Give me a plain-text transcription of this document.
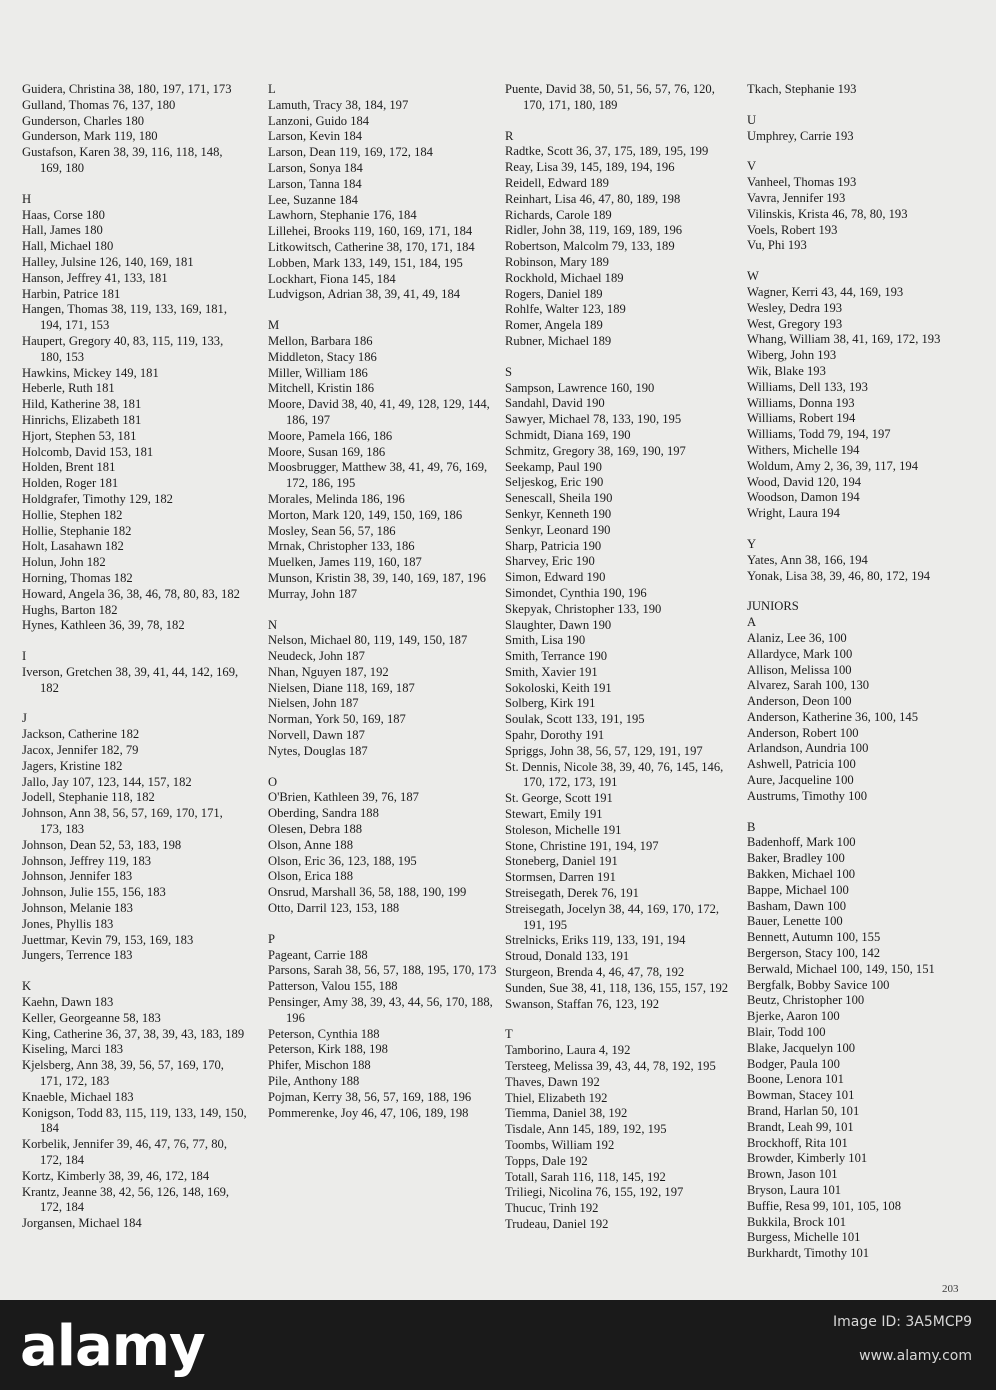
Guidera, Christina 38, 180, 197, 171, 173
Gulland, Thomas 76, 137, 180
Gunderson, Charles 180
Gunderson, Mark 119, 180
Gustafson, Karen 38, 39, 116, 118, 148, 169, 180
H
Haas, Corse 180
Hall, James 180
Hall, Michael 180
Halley, Julsine 126, 140, 169, 181
Hanson, Jeffrey 41, 133, 181
Harbin, Patrice 181
Hangen, Thomas 38, 119, 133, 169, 181, 194, 171, 153
Haupert, Gregory 40, 83, 115, 119, 133, 180, 153
Hawkins, Mickey 149, 181
Heberle, Ruth 181
Hild, Katherine 38, 181
Hinrichs, Elizabeth 181
Hjort, Stephen 53, 181
Holcomb, David 153, 181
Holden, Brent 181
Holden, Roger 181
Holdgrafer, Timothy 129, 182
Hollie, Stephen 182
Hollie, Stephanie 182
Holt, Lasahawn 182
Holun, John 182
Horning, Thomas 182
Howard, Angela 36, 38, 46, 78, 80, 83, 182
Hughs, Barton 182
Hynes, Kathleen 36, 39, 78, 182
I
Iverson, Gretchen 38, 39, 41, 44, 142, 169, 182
J
Jackson, Catherine 182
Jacox, Jennifer 182, 79
Jagers, Kristine 182
Jallo, Jay 107, 123, 144, 157, 182
Jodell, Stephanie 118, 182
Johnson, Ann 38, 56, 57, 169, 170, 171, 173, 183
Johnson, Dean 52, 53, 183, 198
Johnson, Jeffrey 119, 183
Johnson, Jennifer 183
Johnson, Julie 155, 156, 183
Johnson, Melanie 183
Jones, Phyllis 183
Juettmar, Kevin 79, 153, 169, 183
Jungers, Terrence 183
K
Kaehn, Dawn 183
Keller, Georgeanne 58, 183
King, Catherine 36, 37, 38, 39, 43, 183, 189
Kiseling, Marci 183
Kjelsberg, Ann 38, 39, 56, 57, 169, 170, 171, 172, 183
Knaeble, Michael 183
Konigson, Todd 83, 115, 119, 133, 149, 150, 184
Korbelik, Jennifer 39, 46, 47, 76, 77, 80, 172, 184
Kortz, Kimberly 38, 39, 46, 172, 184
Krantz, Jeanne 38, 42, 56, 126, 148, 169, 172, 184
Jorgansen, Michael 184
L
Lamuth, Tracy 38, 184, 197
Lanzoni, Guido 184
Larson, Kevin 184
Larson, Dean 119, 169, 172, 184
Larson, Sonya 184
Larson, Tanna 184
Lee, Suzanne 184
Lawhorn, Stephanie 176, 184
Lillehei, Brooks 119, 160, 169, 171, 184
Litkowitsch, Catherine 38, 170, 171, 184
Lobben, Mark 133, 149, 151, 184, 195
Lockhart, Fiona 145, 184
Ludvigson, Adrian 38, 39, 41, 49, 184
M
Mellon, Barbara 186
Middleton, Stacy 186
Miller, William 186
Mitchell, Kristin 186
Moore, David 38, 40, 41, 49, 128, 129, 144, 186, 197
Moore, Pamela 166, 186
Moore, Susan 169, 186
Moosbrugger, Matthew 38, 41, 49, 76, 169, 172, 186, 195
Morales, Melinda 186, 196
Morton, Mark 120, 149, 150, 169, 186
Mosley, Sean 56, 57, 186
Mrnak, Christopher 133, 186
Muelken, James 119, 160, 187
Munson, Kristin 38, 39, 140, 169, 187, 196
Murray, John 187
N
Nelson, Michael 80, 119, 149, 150, 187
Neudeck, John 187
Nhan, Nguyen 187, 192
Nielsen, Diane 118, 169, 187
Nielsen, John 187
Norman, York 50, 169, 187
Norvell, Dawn 187
Nytes, Douglas 187
O
O'Brien, Kathleen 39, 76, 187
Oberding, Sandra 188
Olesen, Debra 188
Olson, Anne 188
Olson, Eric 36, 123, 188, 195
Olson, Erica 188
Onsrud, Marshall 36, 58, 188, 190, 199
Otto, Darril 123, 153, 188
P
Pageant, Carrie 188
Parsons, Sarah 38, 56, 57, 188, 195, 170, 173
Patterson, Valou 155, 188
Pensinger, Amy 38, 39, 43, 44, 56, 170, 188, 196
Peterson, Cynthia 188
Peterson, Kirk 188, 198
Phifer, Mischon 188
Pile, Anthony 188
Pojman, Kerry 38, 56, 57, 169, 188, 196
Pommerenke, Joy 46, 47, 106, 189, 198
Puente, David 38, 50, 51, 56, 57, 76, 120, 170, 171, 180, 189
R
Radtke, Scott 36, 37, 175, 189, 195, 199
Reay, Lisa 39, 145, 189, 194, 196
Reidell, Edward 189
Reinhart, Lisa 46, 47, 80, 189, 198
Richards, Carole 189
Ridler, John 38, 119, 169, 189, 196
Robertson, Malcolm 79, 133, 189
Robinson, Mary 189
Rockhold, Michael 189
Rogers, Daniel 189
Rohlfe, Walter 123, 189
Romer, Angela 189
Rubner, Michael 189
S
Sampson, Lawrence 160, 190
Sandahl, David 190
Sawyer, Michael 78, 133, 190, 195
Schmidt, Diana 169, 190
Schmitz, Gregory 38, 169, 190, 197
Seekamp, Paul 190
Seljeskog, Eric 190
Senescall, Sheila 190
Senkyr, Kenneth 190
Senkyr, Leonard 190
Sharp, Patricia 190
Sharvey, Eric 190
Simon, Edward 190
Simondet, Cynthia 190, 196
Skepyak, Christopher 133, 190
Slaughter, Dawn 190
Smith, Lisa 190
Smith, Terrance 190
Smith, Xavier 191
Sokoloski, Keith 191
Solberg, Kirk 191
Soulak, Scott 133, 191, 195
Spahr, Dorothy 191
Spriggs, John 38, 56, 57, 129, 191, 197
St. Dennis, Nicole 38, 39, 40, 76, 145, 146, 170, 172, 173, 191
St. George, Scott 191
Stewart, Emily 191
Stoleson, Michelle 191
Stone, Christine 191, 194, 197
Stoneberg, Daniel 191
Stormsen, Darren 191
Streisegath, Derek 76, 191
Streisegath, Jocelyn 38, 44, 169, 170, 172, 191, 195
Strelnicks, Eriks 119, 133, 191, 194
Stroud, Donald 133, 191
Sturgeon, Brenda 4, 46, 47, 78, 192
Sunden, Sue 38, 41, 118, 136, 155, 157, 192
Swanson, Staffan 76, 123, 192
T
Tamborino, Laura 4, 192
Tersteeg, Melissa 39, 43, 44, 78, 192, 195
Thaves, Dawn 192
Thiel, Elizabeth 192
Tiemma, Daniel 38, 192
Tisdale, Ann 145, 189, 192, 195
Toombs, William 192
Topps, Dale 192
Totall, Sarah 116, 118, 145, 192
Triliegi, Nicolina 76, 155, 192, 197
Thucuc, Trinh 192
Trudeau, Daniel 192
Tkach, Stephanie 193
U
Umphrey, Carrie 193
V
Vanheel, Thomas 193
Vavra, Jennifer 193
Vilinskis, Krista 46, 78, 80, 193
Voels, Robert 193
Vu, Phi 193
W
Wagner, Kerri 43, 44, 169, 193
Wesley, Dedra 193
West, Gregory 193
Whang, William 38, 41, 169, 172, 193
Wiberg, John 193
Wik, Blake 193
Williams, Dell 133, 193
Williams, Donna 193
Williams, Robert 194
Williams, Todd 79, 194, 197
Withers, Michelle 194
Woldum, Amy 2, 36, 39, 117, 194
Wood, David 120, 194
Woodson, Damon 194
Wright, Laura 194
Y
Yates, Ann 38, 166, 194
Yonak, Lisa 38, 39, 46, 80, 172, 194
JUNIORS
A
Alaniz, Lee 36, 100
Allardyce, Mark 100
Allison, Melissa 100
Alvarez, Sarah 100, 130
Anderson, Deon 100
Anderson, Katherine 36, 100, 145
Anderson, Robert 100
Arlandson, Aundria 100
Ashwell, Patricia 100
Aure, Jacqueline 100
Austrums, Timothy 100
B
Badenhoff, Mark 100
Baker, Bradley 100
Bakken, Michael 100
Bappe, Michael 100
Basham, Dawn 100
Bauer, Lenette 100
Bennett, Autumn 100, 155
Bergerson, Stacy 100, 142
Berwald, Michael 100, 149, 150, 151
Bergfalk, Bobby Savice 100
Beutz, Christopher 100
Bjerke, Aaron 100
Blair, Todd 100
Blake, Jacquelyn 100
Bodger, Paula 100
Boone, Lenora 101
Bowman, Stacey 101
Brand, Harlan 50, 101
Brandt, Leah 99, 101
Brockhoff, Rita 101
Browder, Kimberly 101
Brown, Jason 101
Bryson, Laura 101
Buffie, Resa 99, 101, 105, 108
Bukkila, Brock 101
Burgess, Michelle 101
Burkhardt, Timothy 101
203
alamy	Image ID: 3A5MCP9
www.alamy.com
